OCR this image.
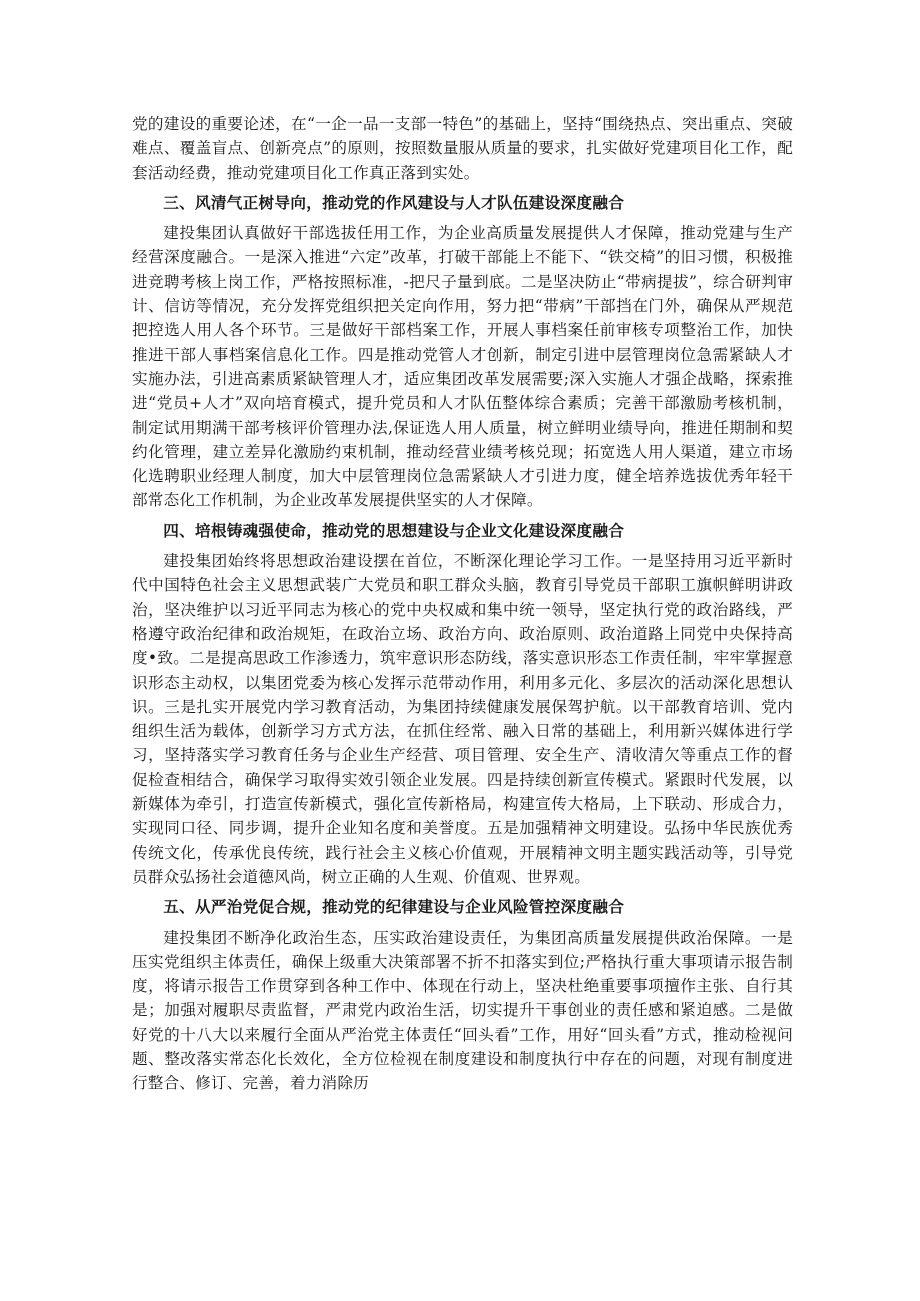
党的建设的重要论述，在“一企一品一支部一特色”的基础上，坚持“围绕热点、突出重点、突破难点、覆盖盲点、创新亮点”的原则，按照数量服从质量的要求，扎实做好党建项目化工作，配套活动经费，推动党建项目化工作真正落到实处。

三、风清气正树导向，推动党的作风建设与人才队伍建设深度融合

建投集团认真做好干部选拔任用工作，为企业高质量发展提供人才保障，推动党建与生产经营深度融合。一是深入推进“六定”改革，打破干部能上不能下、“铁交椅”的旧习惯，积极推进竞聘考核上岗工作，严格按照标准，-把尺子量到底。二是坚决防止“带病提拔”，综合研判审计、信访等情况，充分发挥党组织把关定向作用，努力把“带病”干部挡在门外，确保从严规范把控选人用人各个环节。三是做好干部档案工作，开展人事档案任前审核专项整治工作，加快推进干部人事档案信息化工作。四是推动党管人才创新，制定引进中层管理岗位急需紧缺人才实施办法，引进高素质紧缺管理人才，适应集团改革发展需要;深入实施人才强企战略，探索推进“党员+人才”双向培育模式，提升党员和人才队伍整体综合素质；完善干部激励考核机制，制定试用期满干部考核评价管理办法,保证选人用人质量，树立鲜明业绩导向，推进任期制和契约化管理，建立差异化激励约束机制，推动经营业绩考核兑现；拓宽选人用人渠道，建立市场化选聘职业经理人制度，加大中层管理岗位急需紧缺人才引进力度，健全培养选拔优秀年轻干部常态化工作机制，为企业改革发展提供坚实的人才保障。

四、培根铸魂强使命，推动党的思想建设与企业文化建设深度融合

建投集团始终将思想政治建设摆在首位，不断深化理论学习工作。一是坚持用习近平新时代中国特色社会主义思想武装广大党员和职工群众头脑，教育引导党员干部职工旗帜鲜明讲政治，坚决维护以习近平同志为核心的党中央权威和集中统一领导，坚定执行党的政治路线，严格遵守政治纪律和政治规矩，在政治立场、政治方向、政治原则、政治道路上同党中央保持高度•致。二是提高思政工作渗透力，筑牢意识形态防线，落实意识形态工作责任制，牢牢掌握意识形态主动权，以集团党委为核心发挥示范带动作用，利用多元化、多层次的活动深化思想认识。三是扎实开展党内学习教育活动，为集团持续健康发展保驾护航。以干部教育培训、党内组织生活为载体，创新学习方式方法，在抓住经常、融入日常的基础上，利用新兴媒体进行学习，坚持落实学习教育任务与企业生产经营、项目管理、安全生产、清收清欠等重点工作的督促检查相结合，确保学习取得实效引领企业发展。四是持续创新宣传模式。紧跟时代发展，以新媒体为牵引，打造宣传新模式，强化宣传新格局，构建宣传大格局，上下联动、形成合力，实现同口径、同步调，提升企业知名度和美誉度。五是加强精神文明建设。弘扬中华民族优秀传统文化，传承优良传统，践行社会主义核心价值观，开展精神文明主题实践活动等，引导党员群众弘扬社会道德风尚，树立正确的人生观、价值观、世界观。

五、从严治党促合规，推动党的纪律建设与企业风险管控深度融合

建投集团不断净化政治生态，压实政治建设责任，为集团高质量发展提供政治保障。一是压实党组织主体责任，确保上级重大决策部署不折不扣落实到位;严格执行重大事项请示报告制度，将请示报告工作贯穿到各种工作中、体现在行动上，坚决杜绝重要事项擅作主张、自行其是；加强对履职尽责监督，严肃党内政治生活，切实提升干事创业的责任感和紧迫感。二是做好党的十八大以来履行全面从严治党主体责任“回头看”工作，用好“回头看”方式，推动检视问题、整改落实常态化长效化，全方位检视在制度建设和制度执行中存在的问题，对现有制度进行整合、修订、完善，着力消除历
